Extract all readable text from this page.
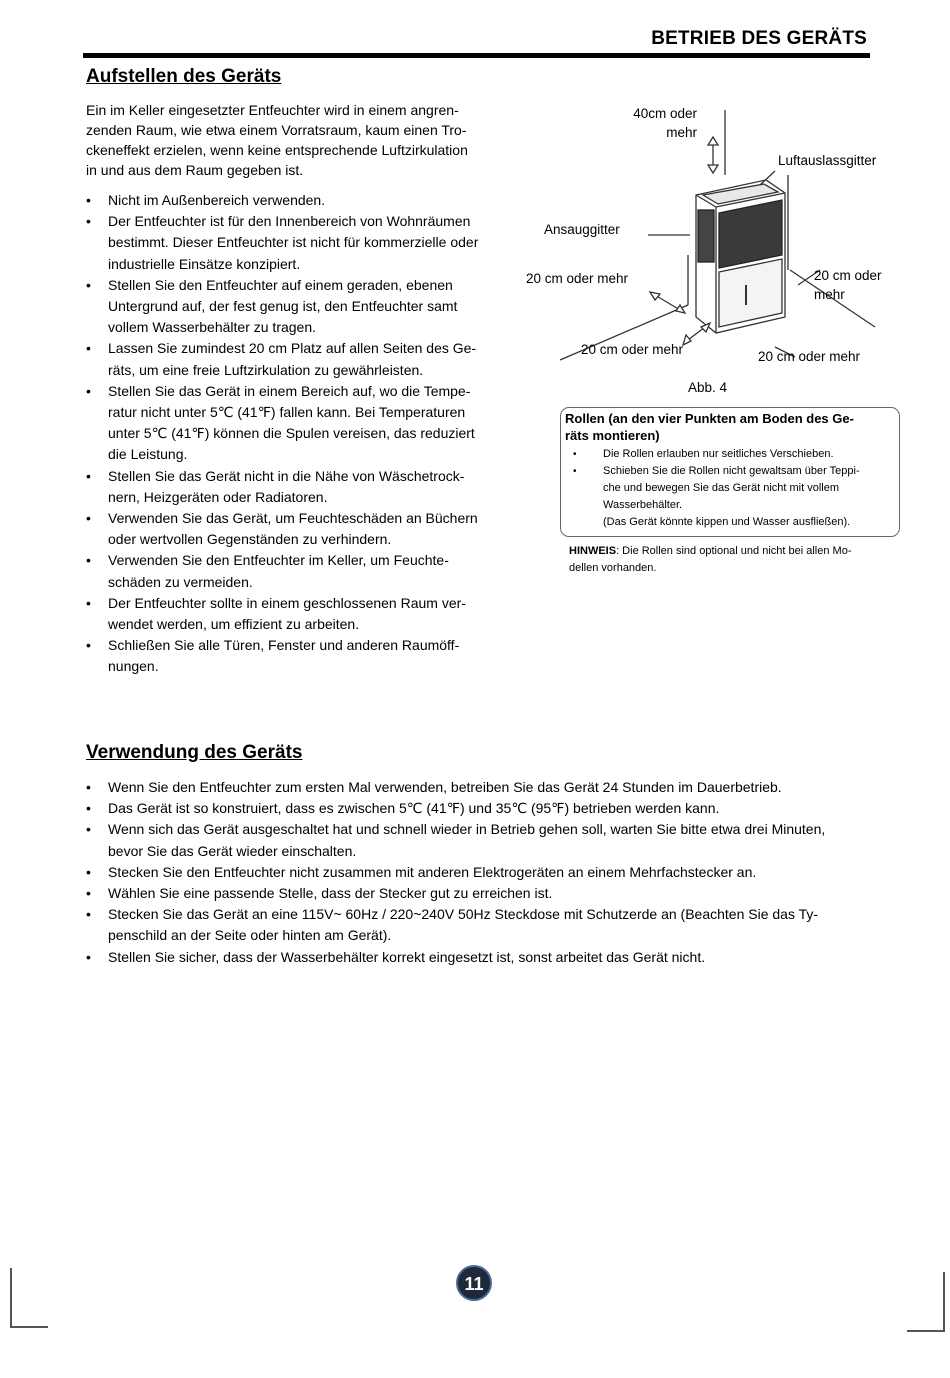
BETRIEB DES GERÄTS
Aufstellen des Geräts
Ein im Keller eingesetzter Entfeuchter wird in einem angren-
zenden Raum, wie etwa einem Vorratsraum, kaum einen Tro-
ckeneffekt erzielen, wenn keine entsprechende Luftzirkulation
in und aus dem Raum gegeben ist.
• Nicht im Außenbereich verwenden.
• Der Entfeuchter ist für den Innenbereich von Wohnräumen
bestimmt. Dieser Entfeuchter ist nicht für kommerzielle oder
industrielle Einsätze konzipiert.
• Stellen Sie den Entfeuchter auf einem geraden, ebenen
Untergrund auf, der fest genug ist, den Entfeuchter samt
vollem Wasserbehälter zu tragen.
• Lassen Sie zumindest 20 cm Platz auf allen Seiten des Ge-
räts, um eine freie Luftzirkulation zu gewährleisten.
• Stellen Sie das Gerät in einem Bereich auf, wo die Tempe-
ratur nicht unter 5℃ (41℉) fallen kann. Bei Temperaturen
unter 5℃ (41℉) können die Spulen vereisen, das reduziert
die Leistung.
• Stellen Sie das Gerät nicht in die Nähe von Wäschetrock-
nern, Heizgeräten oder Radiatoren.
• Verwenden Sie das Gerät, um Feuchteschäden an Büchern
oder wertvollen Gegenständen zu verhindern.
• Verwenden Sie den Entfeuchter im Keller, um Feuchte-
schäden zu vermeiden.
• Der Entfeuchter sollte in einem geschlossenen Raum ver-
wendet werden, um effizient zu arbeiten.
• Schließen Sie alle Türen, Fenster und anderen Raumöff-
nungen.
40cm oder
mehr
Luftauslassgitter
Ansauggitter
20 cm oder mehr	20 cm oder mehr
20 cm oder mehr	20 cm oder mehr
Abb. 4
Rollen (an den vier Punkten am Boden des Ge-
räts montieren)
• Die Rollen erlauben nur seitliches Verschieben.
• Schieben Sie die Rollen nicht gewaltsam über Teppi-
che und bewegen Sie das Gerät nicht mit vollem
Wasserbehälter.
(Das Gerät könnte kippen und Wasser ausfließen).
HINWEIS: Die Rollen sind optional und nicht bei allen Mo-
dellen vorhanden.
Verwendung des Geräts
• Wenn Sie den Entfeuchter zum ersten Mal verwenden, betreiben Sie das Gerät 24 Stunden im Dauerbetrieb.
• Das Gerät ist so konstruiert, dass es zwischen 5℃ (41℉) und 35℃ (95℉) betrieben werden kann.
• Wenn sich das Gerät ausgeschaltet hat und schnell wieder in Betrieb gehen soll, warten Sie bitte etwa drei Minuten,
bevor Sie das Gerät wieder einschalten.
• Stecken Sie den Entfeuchter nicht zusammen mit anderen Elektrogeräten an einem Mehrfachstecker an.
• Wählen Sie eine passende Stelle, dass der Stecker gut zu erreichen ist.
• Stecken Sie das Gerät an eine 115V~ 60Hz / 220~240V 50Hz Steckdose mit Schutzerde an (Beachten Sie das Ty-
penschild an der Seite oder hinten am Gerät).
• Stellen Sie sicher, dass der Wasserbehälter korrekt eingesetzt ist, sonst arbeitet das Gerät nicht.
11
